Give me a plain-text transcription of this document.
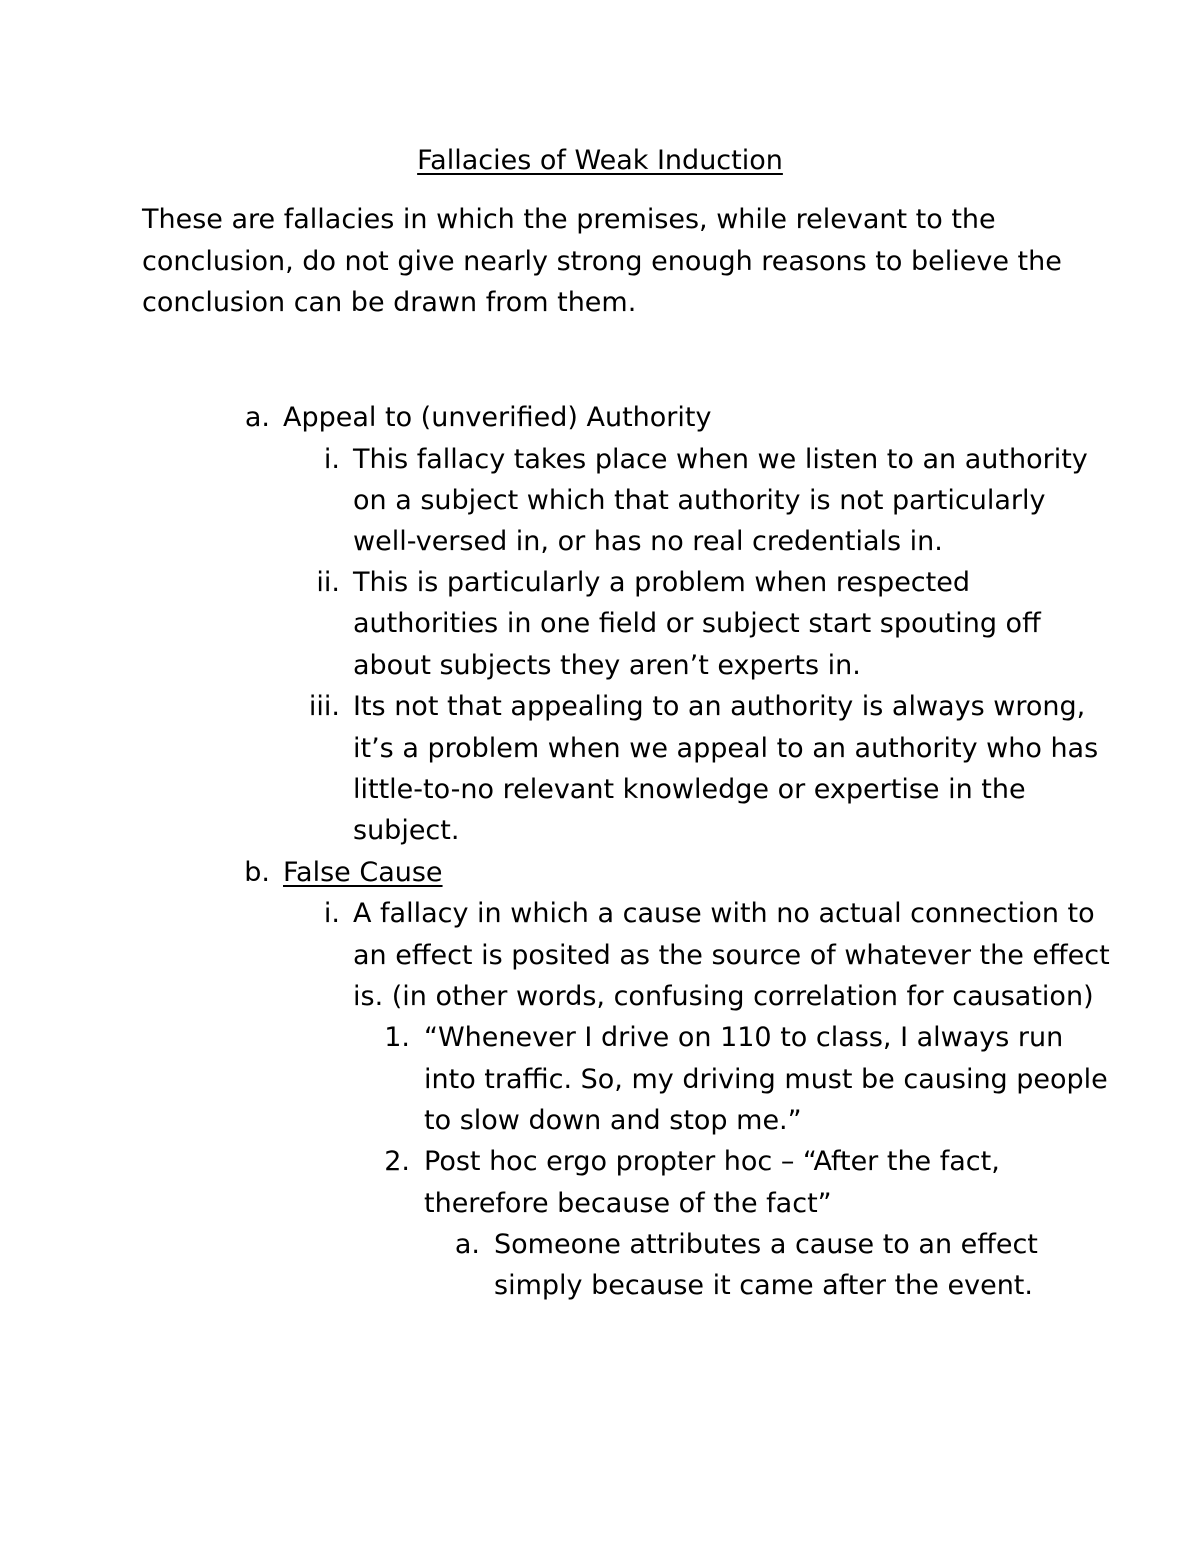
Fallacies of Weak Induction
These are fallacies in which the premises, while relevant to the
conclusion, do not give nearly strong enough reasons to believe the
conclusion can be drawn from them.
a. Appeal to (unverified) Authority
i. This fallacy takes place when we listen to an authority
on a subject which that authority is not particularly
well-versed in, or has no real credentials in.
ii. This is particularly a problem when respected
authorities in one field or subject start spouting off
about subjects they aren’t experts in.
iii. Its not that appealing to an authority is always wrong,
it’s a problem when we appeal to an authority who has
little-to-no relevant knowledge or expertise in the
subject.
b. False Cause
i. A fallacy in which a cause with no actual connection to
an effect is posited as the source of whatever the effect
is. (in other words, confusing correlation for causation)
1. “Whenever I drive on 110 to class, I always run
into traffic. So, my driving must be causing people
to slow down and stop me.”
2. Post hoc ergo propter hoc – “After the fact,
therefore because of the fact”
a. Someone attributes a cause to an effect
simply because it came after the event.
